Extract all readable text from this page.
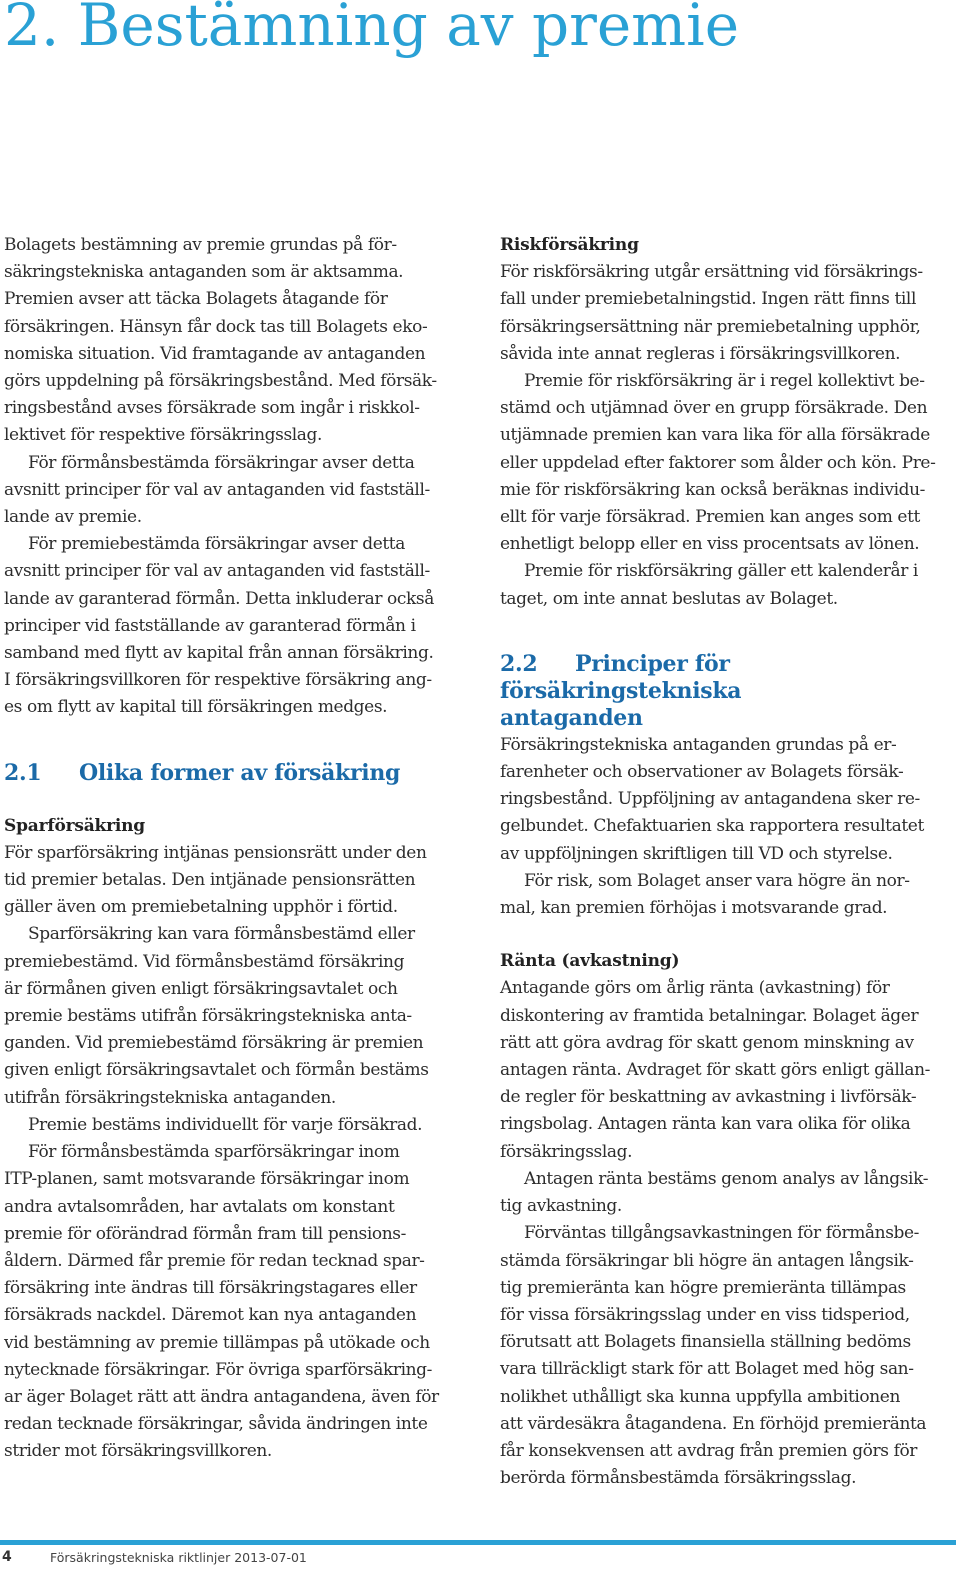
2. Bestämning av premie

Bolagets bestämning av premie grundas på för-
säkringstekniska antaganden som är aktsamma.
Premien avser att täcka Bolagets åtagande för
försäkringen. Hänsyn får dock tas till Bolagets eko-
nomiska situation. Vid framtagande av antaganden
görs uppdelning på försäkringsbestånd. Med försäk-
ringsbestånd avses försäkrade som ingår i riskkol-
lektivet för respektive försäkringsslag.

För förmånsbestämda försäkringar avser detta
avsnitt principer för val av antaganden vid fastställ-
lande av premie.

För premiebestämda försäkringar avser detta
avsnitt principer för val av antaganden vid fastställ-
lande av garanterad förmån. Detta inkluderar också
principer vid fastställande av garanterad förmån i
samband med flytt av kapital från annan försäkring.
I försäkringsvillkoren för respektive försäkring ang-
es om flytt av kapital till försäkringen medges.

2.1 Olika former av försäkring
Sparförsäkring

För sparförsäkring intjänas pensionsrätt under den
tid premier betalas. Den intjänade pensionsrätten
gäller även om premiebetalning upphör i förtid.

Sparförsäkring kan vara förmånsbestämd eller
premiebestämd. Vid förmånsbestämd försäkring
är förmånen given enligt försäkringsavtalet och
premie bestäms utifrån försäkringstekniska anta-
ganden. Vid premiebestämd försäkring är premien
given enligt försäkringsavtalet och förmån bestäms
utifrån försäkringstekniska antaganden.

Premie bestäms individuellt för varje försäkrad.

För förmånsbestämda sparförsäkringar inom
ITP-planen, samt motsvarande försäkringar inom
andra avtalsområden, har avtalats om konstant
premie för oförändrad förmån fram till pensions-
åldern. Därmed får premie för redan tecknad spar-
försäkring inte ändras till försäkringstagares eller
försäkrads nackdel. Däremot kan nya antaganden
vid bestämning av premie tillämpas på utökade och
nytecknade försäkringar. För övriga sparförsäkring-
ar äger Bolaget rätt att ändra antagandena, även för
redan tecknade försäkringar, såvida ändringen inte
strider mot försäkringsvillkoren.

Riskförsäkring

För riskförsäkring utgår ersättning vid försäkrings-
fall under premiebetalningstid. Ingen rätt finns till
försäkringsersättning när premiebetalning upphör,
såvida inte annat regleras i försäkringsvillkoren.

Premie för riskförsäkring är i regel kollektivt be-
stämd och utjämnad över en grupp försäkrade. Den
utjämnade premien kan vara lika för alla försäkrade
eller uppdelad efter faktorer som ålder och kön. Pre-
mie för riskförsäkring kan också beräknas individu-
ellt för varje försäkrad. Premien kan anges som ett
enhetligt belopp eller en viss procentsats av lönen.

Premie för riskförsäkring gäller ett kalenderår i
taget, om inte annat beslutas av Bolaget.

2.2 Principer för försäkringstekniska
antaganden

Försäkringstekniska antaganden grundas på er-
farenheter och observationer av Bolagets försäk-
ringsbestånd. Uppföljning av antagandena sker re-
gelbundet. Chefaktuarien ska rapportera resultatet
av uppföljningen skriftligen till VD och styrelse.

För risk, som Bolaget anser vara högre än nor-
mal, kan premien förhöjas i motsvarande grad.

Ränta (avkastning)

Antagande görs om årlig ränta (avkastning) för
diskontering av framtida betalningar. Bolaget äger
rätt att göra avdrag för skatt genom minskning av
antagen ränta. Avdraget för skatt görs enligt gällan-
de regler för beskattning av avkastning i livförsäk-
ringsbolag. Antagen ränta kan vara olika för olika
försäkringsslag.

Antagen ränta bestäms genom analys av långsik-
tig avkastning.

Förväntas tillgångsavkastningen för förmånsbe-
stämda försäkringar bli högre än antagen långsik-
tig premieränta kan högre premieränta tillämpas
för vissa försäkringsslag under en viss tidsperiod,
förutsatt att Bolagets finansiella ställning bedöms
vara tillräckligt stark för att Bolaget med hög san-
nolikhet uthålligt ska kunna uppfylla ambitionen
att värdesäkra åtagandena. En förhöjd premieränta
får konsekvensen att avdrag från premien görs för
berörda förmånsbestämda försäkringsslag.

4	Försäkringstekniska riktlinjer 2013-07-01
